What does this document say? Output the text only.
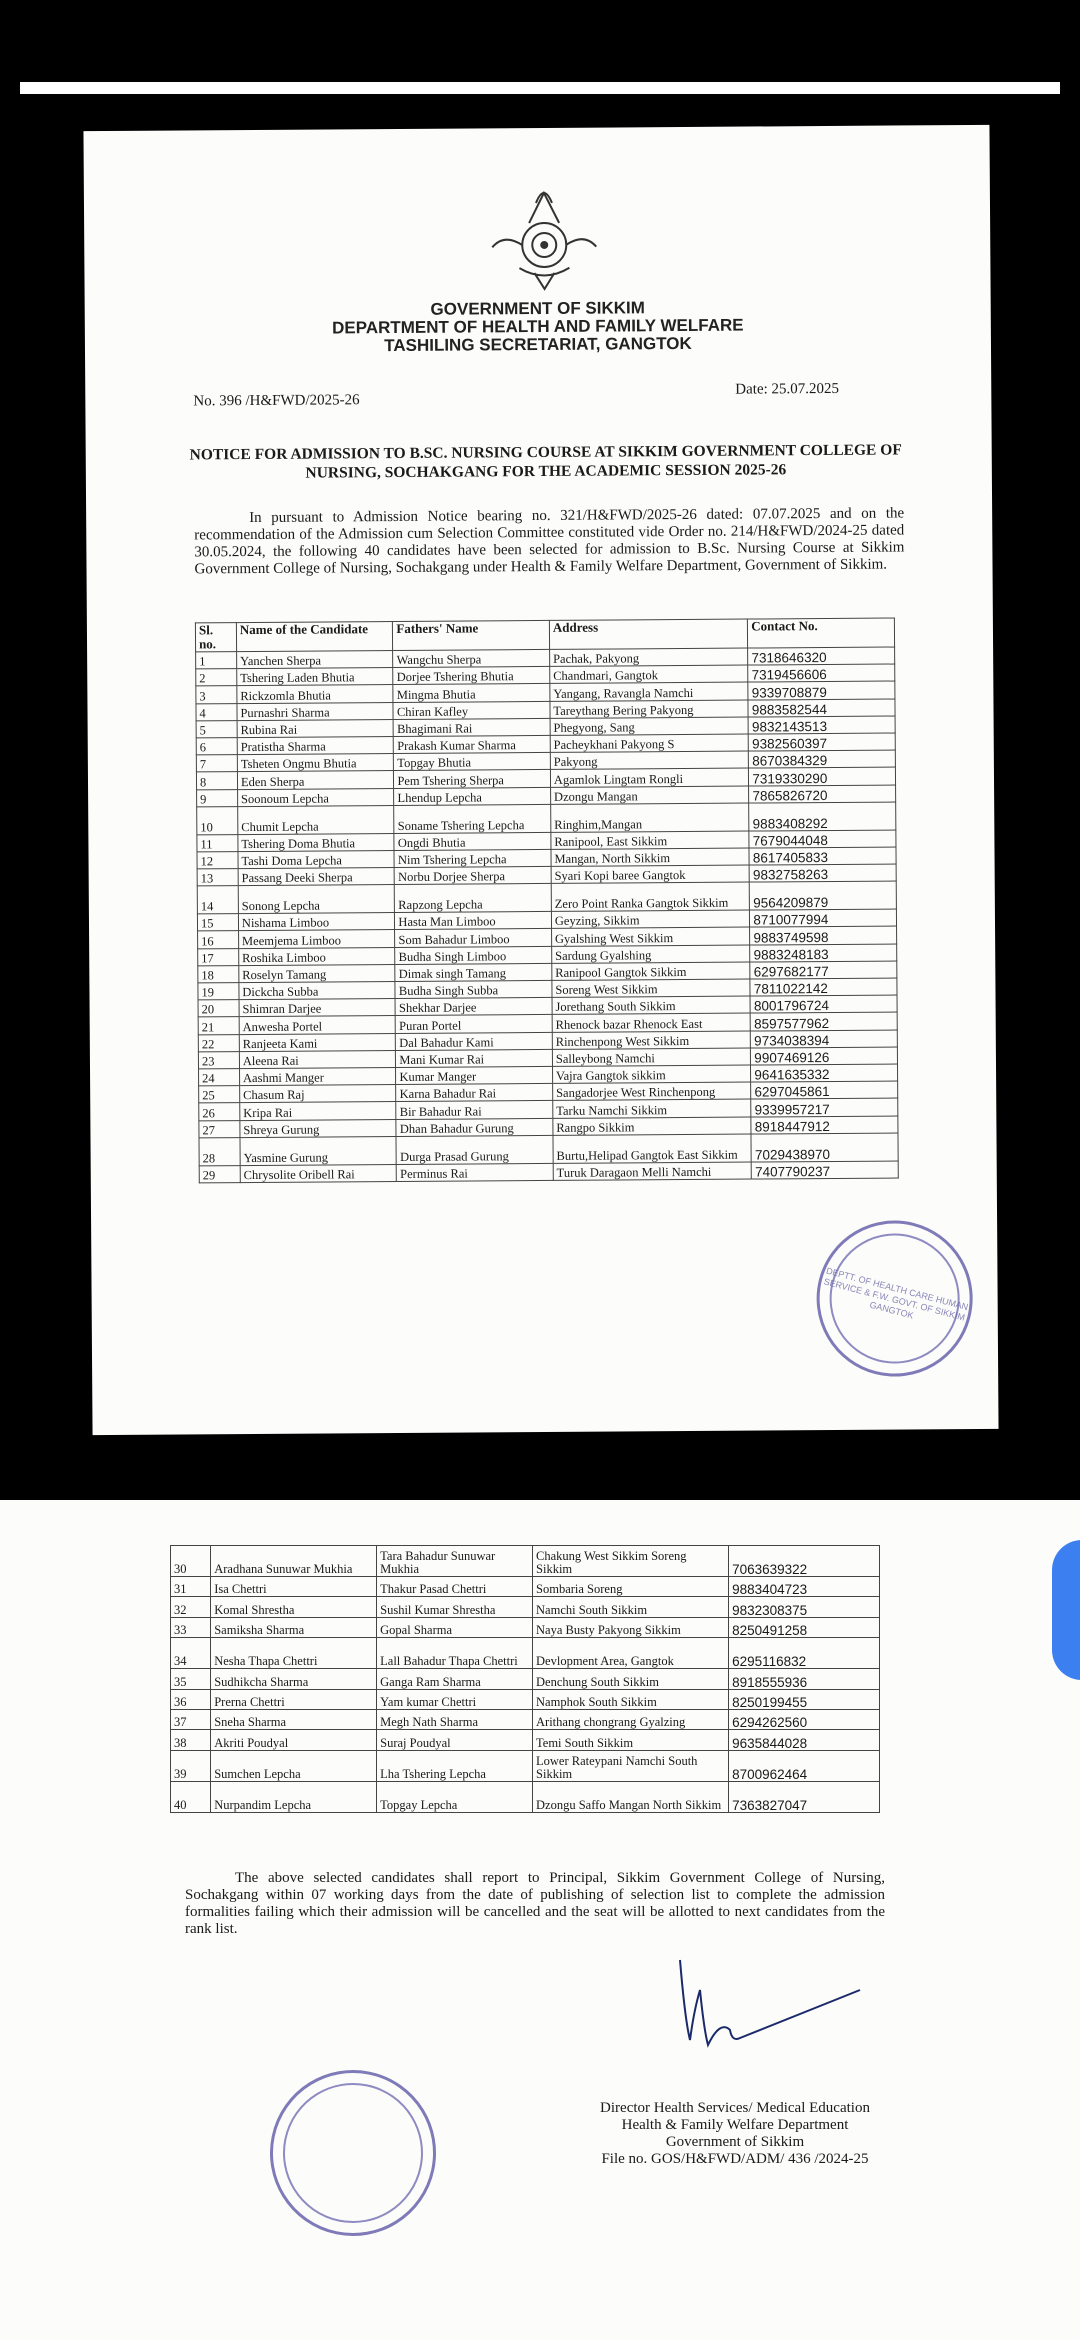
GOVERNMENT OF SIKKIM
DEPARTMENT OF HEALTH AND FAMILY WELFARE
TASHILING SECRETARIAT, GANGTOK
No. 396 /H&FWD/2025-26
Date: 25.07.2025
NOTICE FOR ADMISSION TO B.SC. NURSING COURSE AT SIKKIM GOVERNMENT COLLEGE OF NURSING, SOCHAKGANG FOR THE ACADEMIC SESSION 2025-26
In pursuant to Admission Notice bearing no. 321/H&FWD/2025-26 dated: 07.07.2025 and on the recommendation of the Admission cum Selection Committee constituted vide Order no. 214/H&FWD/2024-25 dated 30.05.2024, the following 40 candidates have been selected for admission to B.Sc. Nursing Course at Sikkim Government College of Nursing, Sochakgang under Health & Family Welfare Department, Government of Sikkim.
Sl. no.	Name of the Candidate	Fathers' Name	Address	Contact No.
1	Yanchen Sherpa	Wangchu Sherpa	Pachak, Pakyong	7318646320
2	Tshering Laden Bhutia	Dorjee Tshering Bhutia	Chandmari, Gangtok	7319456606
3	Rickzomla Bhutia	Mingma Bhutia	Yangang, Ravangla Namchi	9339708879
4	Purnashri Sharma	Chiran Kafley	Tareythang Bering Pakyong	9883582544
5	Rubina Rai	Bhagimani Rai	Phegyong, Sang	9832143513
6	Pratistha Sharma	Prakash Kumar Sharma	Pacheykhani Pakyong S	9382560397
7	Tsheten Ongmu Bhutia	Topgay Bhutia	Pakyong	8670384329
8	Eden Sherpa	Pem Tshering Sherpa	Agamlok Lingtam Rongli	7319330290
9	Soonoum Lepcha	Lhendup Lepcha	Dzongu Mangan	7865826720
10	Chumit Lepcha	Soname Tshering Lepcha	Ringhim,Mangan	9883408292
11	Tshering Doma Bhutia	Ongdi Bhutia	Ranipool, East Sikkim	7679044048
12	Tashi Doma Lepcha	Nim Tshering Lepcha	Mangan, North Sikkim	8617405833
13	Passang Deeki Sherpa	Norbu Dorjee Sherpa	Syari Kopi baree Gangtok	9832758263
14	Sonong Lepcha	Rapzong Lepcha	Zero Point Ranka Gangtok Sikkim	9564209879
15	Nishama Limboo	Hasta Man Limboo	Geyzing, Sikkim	8710077994
16	Meemjema Limboo	Som Bahadur Limboo	Gyalshing West Sikkim	9883749598
17	Roshika Limboo	Budha Singh Limboo	Sardung Gyalshing	9883248183
18	Roselyn Tamang	Dimak singh Tamang	Ranipool Gangtok Sikkim	6297682177
19	Dickcha Subba	Budha Singh Subba	Soreng West Sikkim	7811022142
20	Shimran Darjee	Shekhar Darjee	Jorethang South Sikkim	8001796724
21	Anwesha Portel	Puran Portel	Rhenock bazar Rhenock East	8597577962
22	Ranjeeta Kami	Dal Bahadur Kami	Rinchenpong West Sikkim	9734038394
23	Aleena Rai	Mani Kumar Rai	Salleybong Namchi	9907469126
24	Aashmi Manger	Kumar Manger	Vajra Gangtok sikkim	9641635332
25	Chasum Raj	Karna Bahadur Rai	Sangadorjee West Rinchenpong	6297045861
26	Kripa Rai	Bir Bahadur Rai	Tarku Namchi Sikkim	9339957217
27	Shreya Gurung	Dhan Bahadur Gurung	Rangpo Sikkim	8918447912
28	Yasmine Gurung	Durga Prasad Gurung	Burtu,Helipad Gangtok East Sikkim	7029438970
29	Chrysolite Oribell Rai	Perminus Rai	Turuk Daragaon Melli Namchi	7407790237
DEPTT. OF HEALTH CARE HUMAN SERVICE & F.W. GOVT. OF SIKKIM GANGTOK
30	Aradhana Sunuwar Mukhia	Tara Bahadur Sunuwar Mukhia	Chakung West Sikkim Soreng Sikkim	7063639322
31	Isa Chettri	Thakur Pasad Chettri	Sombaria Soreng	9883404723
32	Komal Shrestha	Sushil Kumar Shrestha	Namchi South Sikkim	9832308375
33	Samiksha Sharma	Gopal Sharma	Naya Busty Pakyong Sikkim	8250491258
34	Nesha Thapa Chettri	Lall Bahadur Thapa Chettri	Devlopment Area, Gangtok	6295116832
35	Sudhikcha Sharma	Ganga Ram Sharma	Denchung South Sikkim	8918555936
36	Prerna Chettri	Yam kumar Chettri	Namphok South Sikkim	8250199455
37	Sneha Sharma	Megh Nath Sharma	Arithang chongrang Gyalzing	6294262560
38	Akriti Poudyal	Suraj Poudyal	Temi South Sikkim	9635844028
39	Sumchen Lepcha	Lha Tshering Lepcha	Lower Rateypani Namchi South Sikkim	8700962464
40	Nurpandim Lepcha	Topgay Lepcha	Dzongu Saffo Mangan North Sikkim	7363827047
The above selected candidates shall report to Principal, Sikkim Government College of Nursing, Sochakgang within 07 working days from the date of publishing of selection list to complete the admission formalities failing which their admission will be cancelled and the seat will be allotted to next candidates from the rank list.
Director Health Services/ Medical Education
Health & Family Welfare Department
Government of Sikkim
File no. GOS/H&FWD/ADM/ 436 /2024-25
